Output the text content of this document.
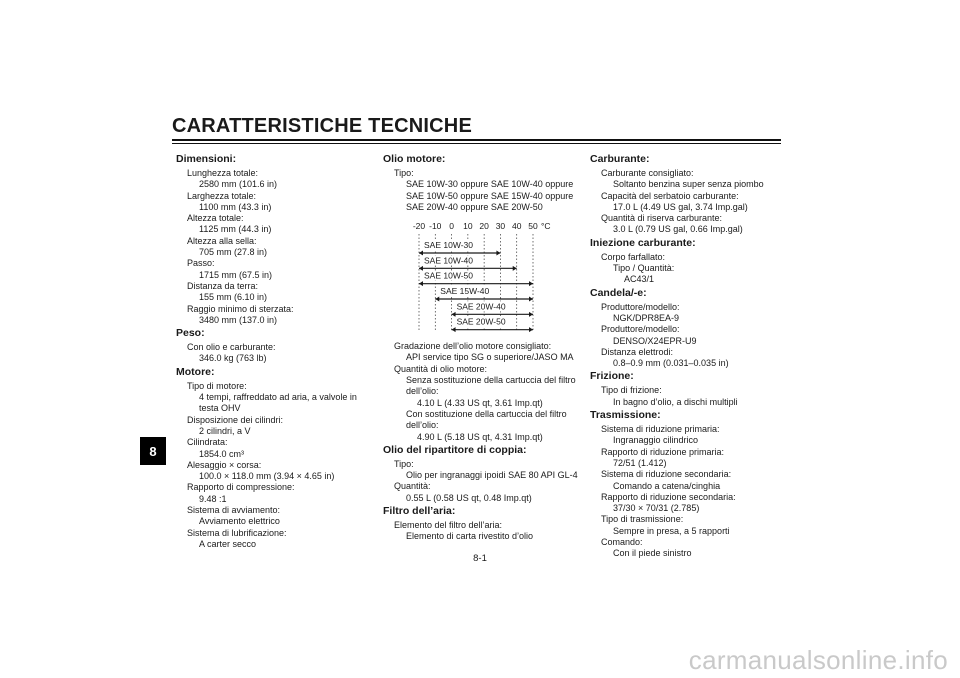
CARATTERISTICHE TECNICHE
8
Dimensioni:
Lunghezza totale:
2580 mm (101.6 in)
Larghezza totale:
1100 mm (43.3 in)
Altezza totale:
1125 mm (44.3 in)
Altezza alla sella:
705 mm (27.8 in)
Passo:
1715 mm (67.5 in)
Distanza da terra:
155 mm (6.10 in)
Raggio minimo di sterzata:
3480 mm (137.0 in)
Peso:
Con olio e carburante:
346.0 kg (763 lb)
Motore:
Tipo di motore:
4 tempi, raffreddato ad aria, a valvole in
testa OHV
Disposizione dei cilindri:
2 cilindri, a V
Cilindrata:
1854.0 cm³
Alesaggio × corsa:
100.0 × 118.0 mm (3.94 × 4.65 in)
Rapporto di compressione:
9.48 :1
Sistema di avviamento:
Avviamento elettrico
Sistema di lubrificazione:
A carter secco
Olio motore:
Tipo:
SAE 10W-30 oppure SAE 10W-40 oppure
SAE 10W-50 oppure SAE 15W-40 oppure
SAE 20W-40 oppure SAE 20W-50
-20 -10 0 10 20 30 40 50 °C
SAE 10W-30
SAE 10W-40
SAE 10W-50
SAE 15W-40
SAE 20W-40
SAE 20W-50
Gradazione dell’olio motore consigliato:
API service tipo SG o superiore/JASO MA
Quantità di olio motore:
Senza sostituzione della cartuccia del filtro
dell’olio:
4.10 L (4.33 US qt, 3.61 Imp.qt)
Con sostituzione della cartuccia del filtro
dell’olio:
4.90 L (5.18 US qt, 4.31 Imp.qt)
Olio del ripartitore di coppia:
Tipo:
Olio per ingranaggi ipoidi SAE 80 API GL-4
Quantità:
0.55 L (0.58 US qt, 0.48 Imp.qt)
Filtro dell’aria:
Elemento del filtro dell’aria:
Elemento di carta rivestito d’olio
Carburante:
Carburante consigliato:
Soltanto benzina super senza piombo
Capacità del serbatoio carburante:
17.0 L (4.49 US gal, 3.74 Imp.gal)
Quantità di riserva carburante:
3.0 L (0.79 US gal, 0.66 Imp.gal)
Iniezione carburante:
Corpo farfallato:
Tipo / Quantità:
AC43/1
Candela/-e:
Produttore/modello:
NGK/DPR8EA-9
Produttore/modello:
DENSO/X24EPR-U9
Distanza elettrodi:
0.8–0.9 mm (0.031–0.035 in)
Frizione:
Tipo di frizione:
In bagno d’olio, a dischi multipli
Trasmissione:
Sistema di riduzione primaria:
Ingranaggio cilindrico
Rapporto di riduzione primaria:
72/51 (1.412)
Sistema di riduzione secondaria:
Comando a catena/cinghia
Rapporto di riduzione secondaria:
37/30 × 70/31 (2.785)
Tipo di trasmissione:
Sempre in presa, a 5 rapporti
Comando:
Con il piede sinistro
8-1
carmanualsonline.info
